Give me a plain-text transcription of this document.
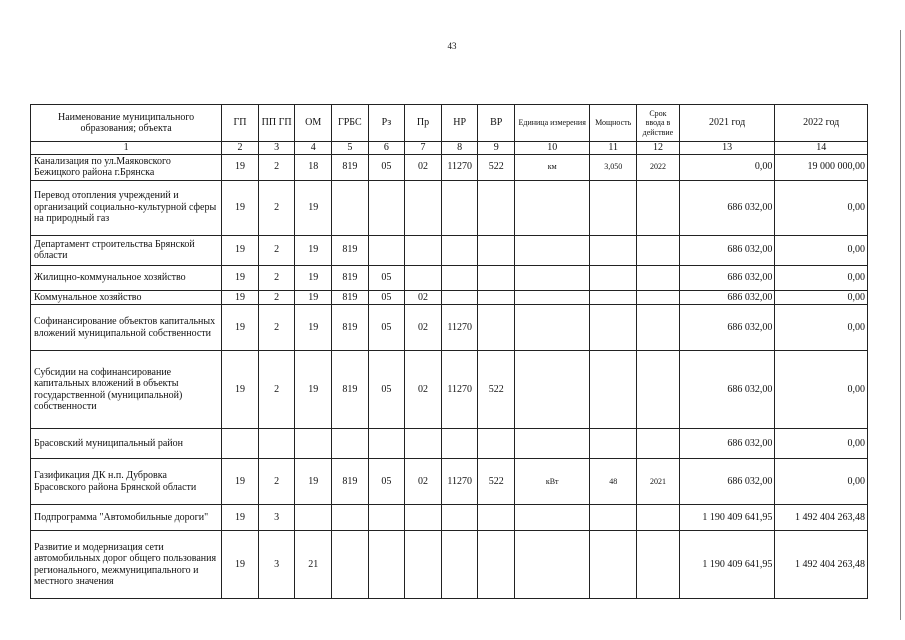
43
Наименование муниципального образования; объекта	ГП	ПП ГП	ОМ	ГРБС	Рз	Пр	НР	ВР	Единица измерения	Мощность	Срок ввода в действие	2021 год	2022 год
1	2	3	4	5	6	7	8	9	10	11	12	13	14
Канализация по ул.Маяковского Бежицкого района г.Брянска	19	2	18	819	05	02	11270	522	км	3,050	2022	0,00	19 000 000,00
Перевод отопления учреждений и организаций социально-культурной сферы на природный газ	19	2	19									686 032,00	0,00
Департамент строительства Брянской области	19	2	19	819								686 032,00	0,00
Жилищно-коммунальное хозяйство	19	2	19	819	05							686 032,00	0,00
Коммунальное хозяйство	19	2	19	819	05	02						686 032,00	0,00
Софинансирование объектов капитальных вложений муниципальной собственности	19	2	19	819	05	02	11270					686 032,00	0,00
Субсидии на софинансирование капитальных вложений в объекты государственной (муниципальной) собственности	19	2	19	819	05	02	11270	522				686 032,00	0,00
Брасовский муниципальный район												686 032,00	0,00
Газификация ДК н.п. Дубровка Брасовского района Брянской области	19	2	19	819	05	02	11270	522	кВт	48	2021	686 032,00	0,00
Подпрограмма "Автомобильные дороги"	19	3										1 190 409 641,95	1 492 404 263,48
Развитие и модернизация сети автомобильных дорог общего пользования регионального, межмуниципального и местного значения	19	3	21									1 190 409 641,95	1 492 404 263,48
